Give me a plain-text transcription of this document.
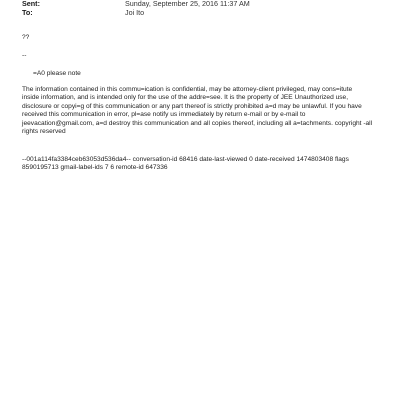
Sent:	Sunday, September 25, 2016 11:37 AM
To:	Joi Ito
??
--
=A0 please note
The information contained in this commu=ication is confidential, may be attorney-client privileged, may cons=itute
inside information, and is intended only for the use of the addre=see. It is the property of JEE Unauthorized use,
disclosure or copyi=g of this communication or any part thereof is strictly prohibited a=d may be unlawful. If you have
received this communication in error, pl=ase notify us immediately by return e-mail or by e-mail to
jeevacation@gmail.com, a=d destroy this communication and all copies thereof, including all a=tachments. copyright -all
rights reserved
--001a114fa3384ceb63053d536da4-- conversation-id 68416 date-last-viewed 0 date-received 1474803408 flags
8590195713 gmail-label-ids 7 6 remote-id 647336
